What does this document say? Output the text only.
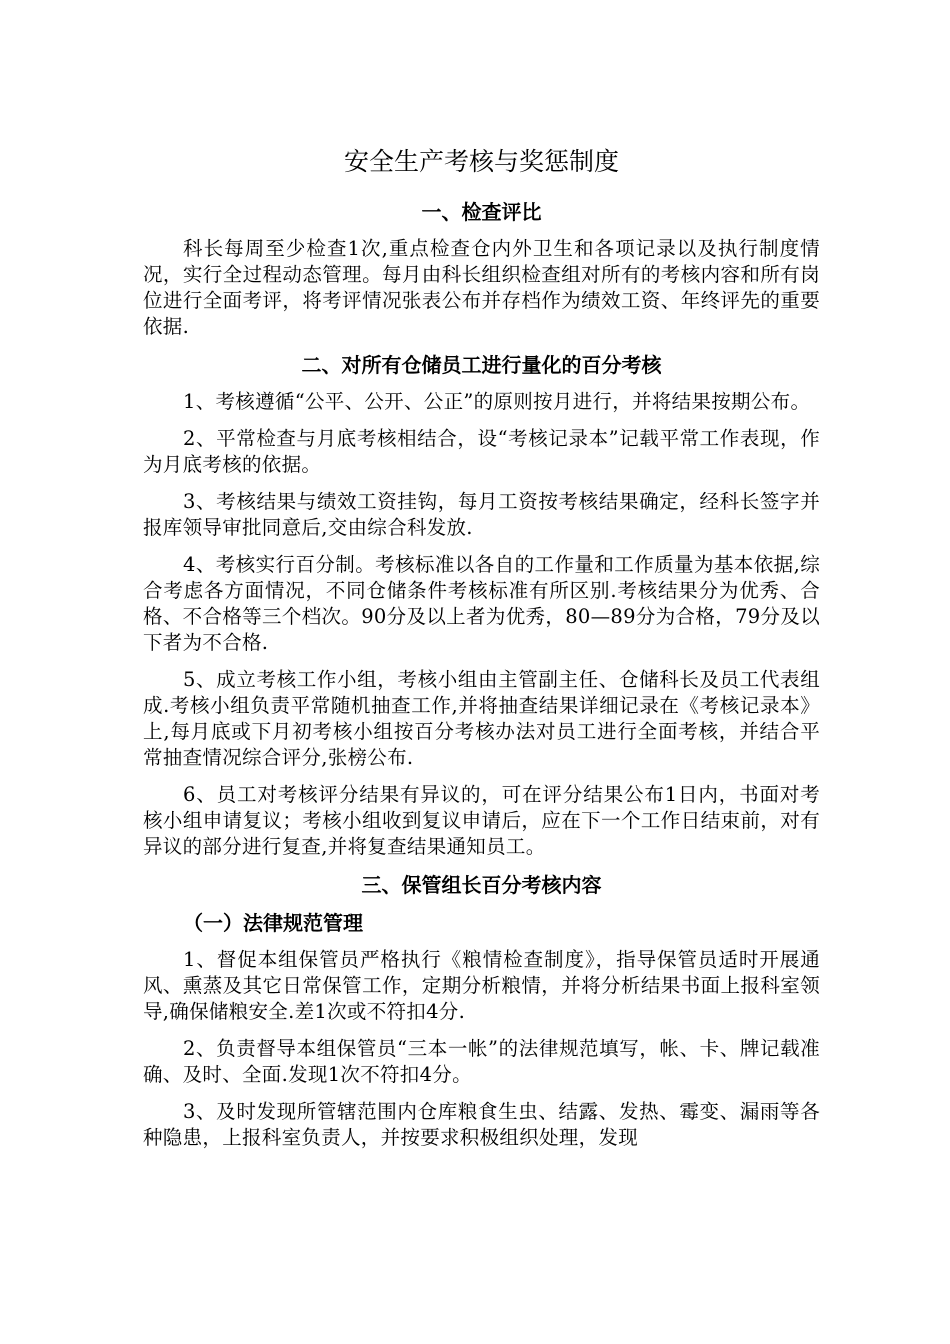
安全生产考核与奖惩制度
一、检查评比

科长每周至少检查1次,重点检查仓内外卫生和各项记录以及执行制度情况，实行全过程动态管理。每月由科长组织检查组对所有的考核内容和所有岗位进行全面考评，将考评情况张表公布并存档作为绩效工资、年终评先的重要依据.

二、对所有仓储员工进行量化的百分考核

1、考核遵循“公平、公开、公正”的原则按月进行，并将结果按期公布。

2、平常检查与月底考核相结合，设“考核记录本”记载平常工作表现，作为月底考核的依据。

3、考核结果与绩效工资挂钩，每月工资按考核结果确定，经科长签字并报库领导审批同意后,交由综合科发放.

4、考核实行百分制。考核标准以各自的工作量和工作质量为基本依据,综合考虑各方面情况，不同仓储条件考核标准有所区别.考核结果分为优秀、合格、不合格等三个档次。90分及以上者为优秀，80—89分为合格，79分及以下者为不合格.

5、成立考核工作小组，考核小组由主管副主任、仓储科长及员工代表组成.考核小组负责平常随机抽查工作,并将抽查结果详细记录在《考核记录本》上,每月底或下月初考核小组按百分考核办法对员工进行全面考核，并结合平常抽查情况综合评分,张榜公布.

6、员工对考核评分结果有异议的，可在评分结果公布1日内，书面对考核小组申请复议；考核小组收到复议申请后，应在下一个工作日结束前，对有异议的部分进行复查,并将复查结果通知员工。

三、保管组长百分考核内容
（一）法律规范管理

1、督促本组保管员严格执行《粮情检查制度》，指导保管员适时开展通风、熏蒸及其它日常保管工作，定期分析粮情，并将分析结果书面上报科室领导,确保储粮安全.差1次或不符扣4分.

2、负责督导本组保管员“三本一帐”的法律规范填写，帐、卡、牌记载准确、及时、全面.发现1次不符扣4分。

3、及时发现所管辖范围内仓库粮食生虫、结露、发热、霉变、漏雨等各种隐患，上报科室负责人，并按要求积极组织处理，发现
